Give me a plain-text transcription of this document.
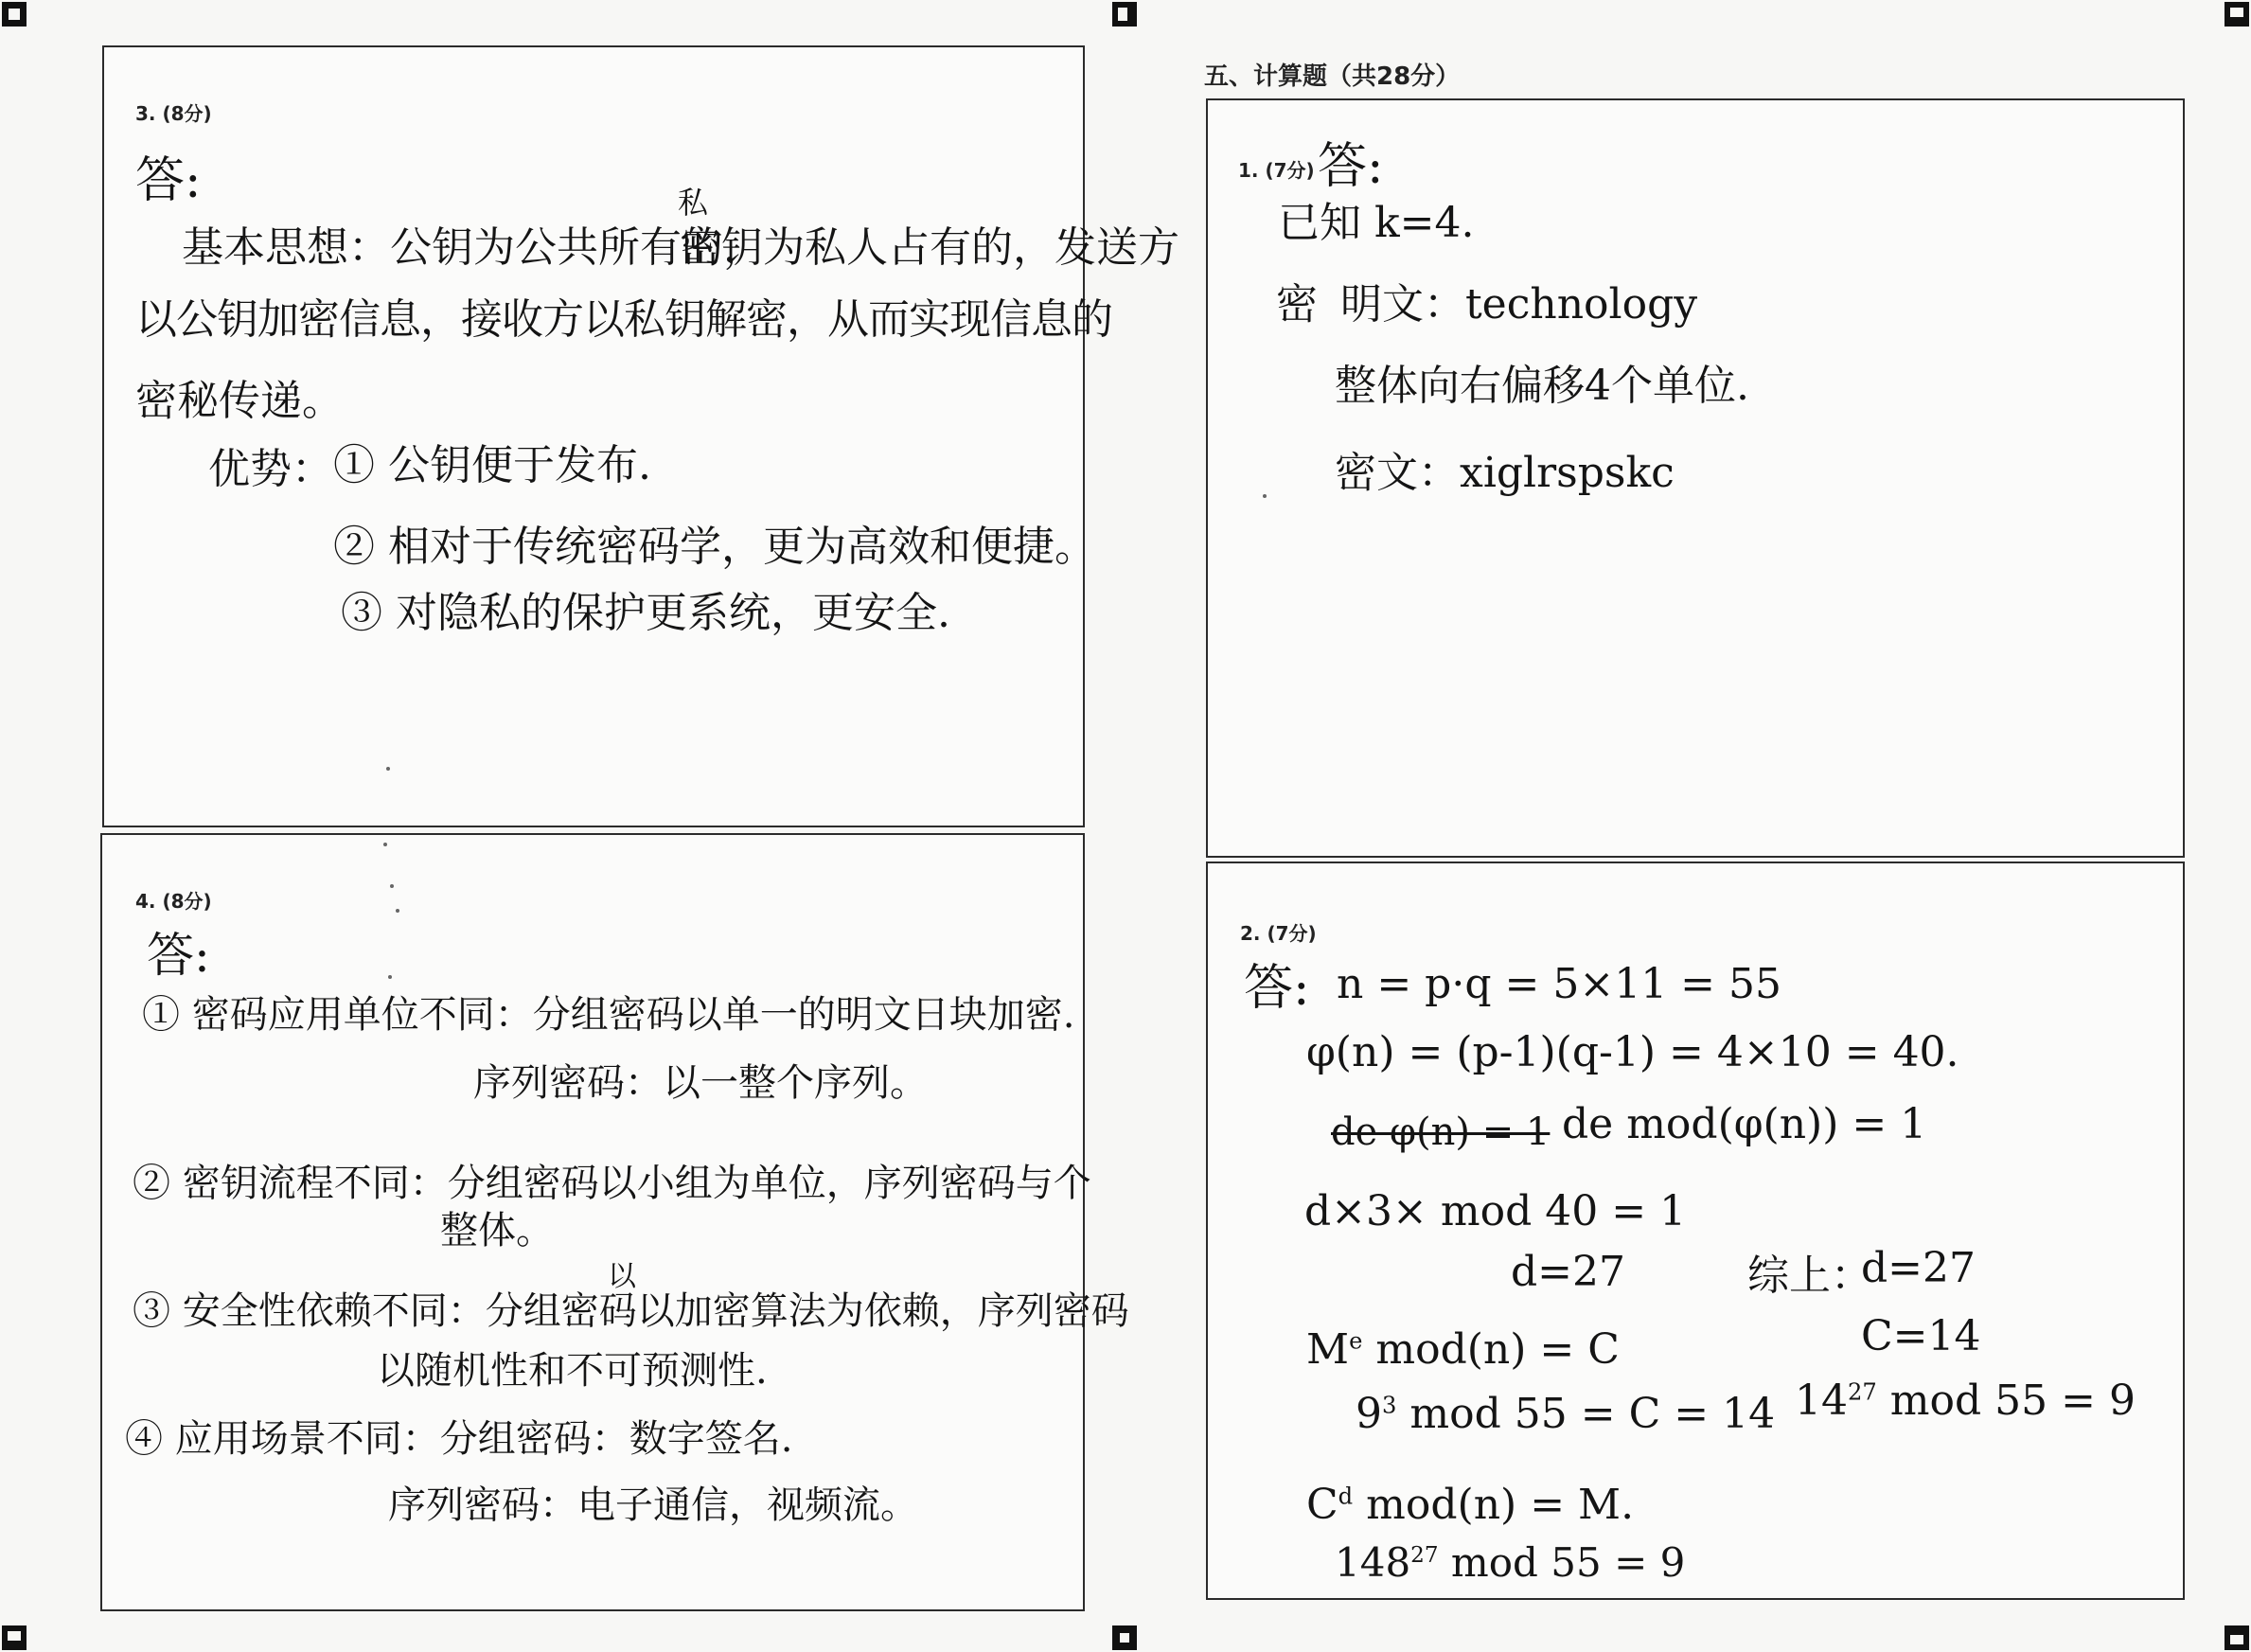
3. (8分)
答:
基本思想：公钥为公共所有的，
私
密钥为私人占有的，发送方
以公钥加密信息，接收方以私钥解密，从而实现信息的
密秘传递。
优势： ① 公钥便于发布.
② 相对于传统密码学，更为高效和便捷。
③ 对隐私的保护更系统，更安全.
4. (8分)
答:
① 密码应用单位不同：分组密码以单一的明文日块加密.
序列密码：以一整个序列。
② 密钥流程不同：分组密码以小组为单位，序列密码与个
整体。
以
③ 安全性依赖不同：分组密码以加密算法为依赖，序列密码
以随机性和不可预测性.
④ 应用场景不同：分组密码：数字签名.
序列密码：电子通信，视频流。
五、计算题（共28分）
1. (7分) 答:
已知 k=4.
密 明文：technology
整体向右偏移4个单位.
密文：xiglrspskc
2. (7分)
答: n = p·q = 5×11 = 55
φ(n) = (p-1)(q-1) = 4×10 = 40.
de φ(n) = 1 de mod(φ(n)) = 1
d×3× mod 40 = 1
d=27	综上：
d=27
C=14
Me mod(n) = C
$9^3$ mod 55 = C = 14 $14^{27}$ mod 55 = 9
$C^d$ mod(n) = M.
$148^{27}$ mod 55 = 9
